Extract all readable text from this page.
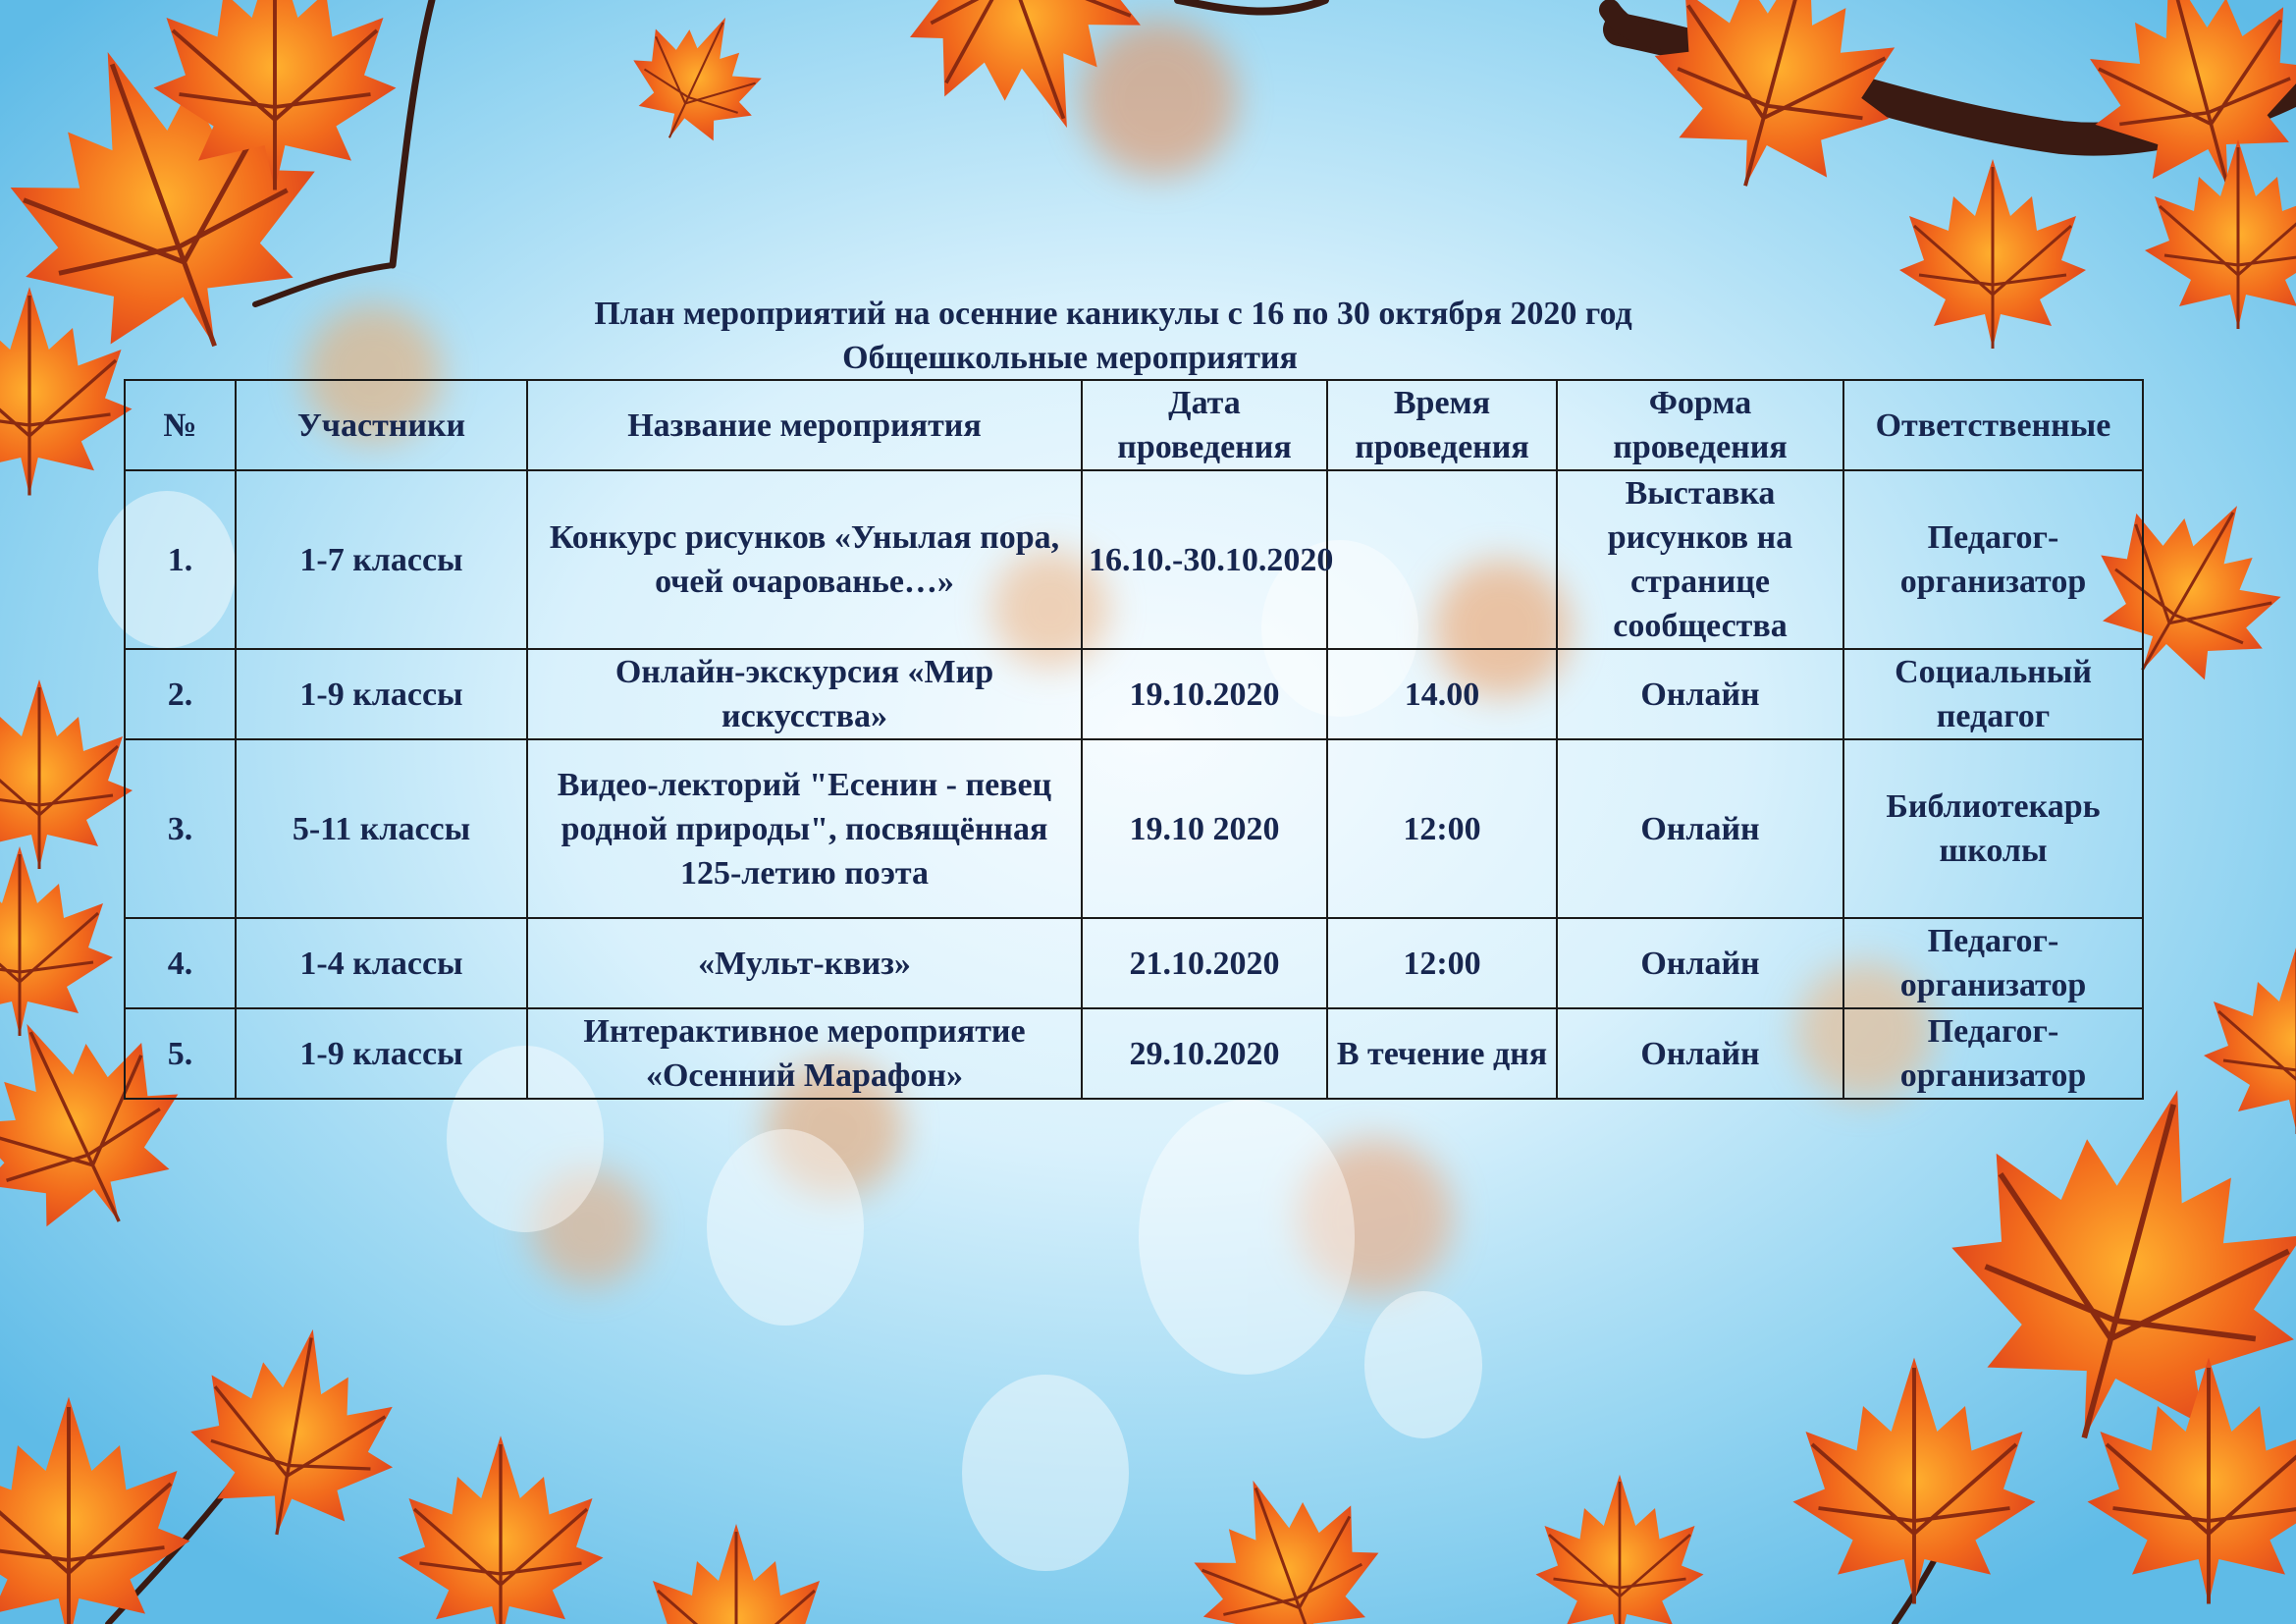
План мероприятий на осенние каникулы с 16 по 30 октября 2020 год
Общешкольные мероприятия
№	Участники	Название мероприятия	Дата проведения	Время проведения	Форма проведения	Ответственные
1.	1-7 классы	Конкурс рисунков «Унылая пора, очей очарованье…»	16.10.-30.10.2020		Выставка рисунков на странице сообщества	Педагог-организатор
2.	1-9 классы	Онлайн-экскурсия «Мир искусства»	19.10.2020	14.00	Онлайн	Социальный педагог
3.	5-11 классы	Видео-лекторий "Есенин - певец родной природы", посвящённая 125-летию поэта	19.10 2020	12:00	Онлайн	Библиотекарь школы
4.	1-4 классы	«Мульт-квиз»	21.10.2020	12:00	Онлайн	Педагог-организатор
5.	1-9 классы	Интерактивное мероприятие «Осенний Марафон»	29.10.2020	В течение дня	Онлайн	Педагог-организатор
